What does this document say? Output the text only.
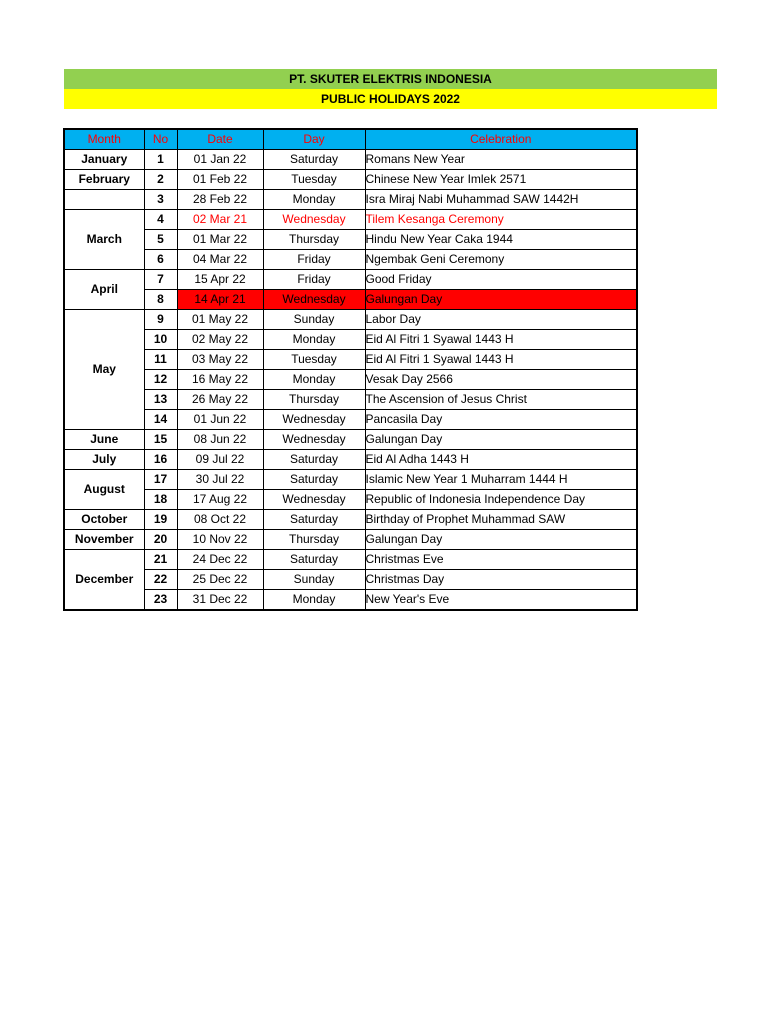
PT. SKUTER ELEKTRIS INDONESIA
PUBLIC HOLIDAYS 2022
Month	No	Date	Day	Celebration
January	1	01 Jan 22	Saturday	Romans New Year
February	2	01 Feb 22	Tuesday	Chinese New Year Imlek 2571
	3	28 Feb 22	Monday	Isra Miraj Nabi Muhammad SAW 1442H
March	4	02 Mar 21	Wednesday	Tilem Kesanga Ceremony
	5	01 Mar 22	Thursday	Hindu New Year Caka 1944
	6	04 Mar 22	Friday	Ngembak Geni Ceremony
April	7	15 Apr 22	Friday	Good Friday
	8	14 Apr 21	Wednesday	Galungan Day
May	9	01 May 22	Sunday	Labor Day
	10	02 May 22	Monday	Eid Al Fitri 1 Syawal 1443 H
	11	03 May 22	Tuesday	Eid Al Fitri 1 Syawal 1443 H
	12	16 May 22	Monday	Vesak Day 2566
	13	26 May 22	Thursday	The Ascension of Jesus Christ
	14	01 Jun 22	Wednesday	Pancasila Day
June	15	08 Jun 22	Wednesday	Galungan Day
July	16	09 Jul 22	Saturday	Eid Al Adha 1443 H
August	17	30 Jul 22	Saturday	Islamic New Year 1 Muharram 1444 H
	18	17 Aug 22	Wednesday	Republic of Indonesia Independence Day
October	19	08 Oct 22	Saturday	Birthday of Prophet Muhammad SAW
November	20	10 Nov 22	Thursday	Galungan Day
December	21	24 Dec 22	Saturday	Christmas Eve
	22	25 Dec 22	Sunday	Christmas Day
	23	31 Dec 22	Monday	New Year's Eve
